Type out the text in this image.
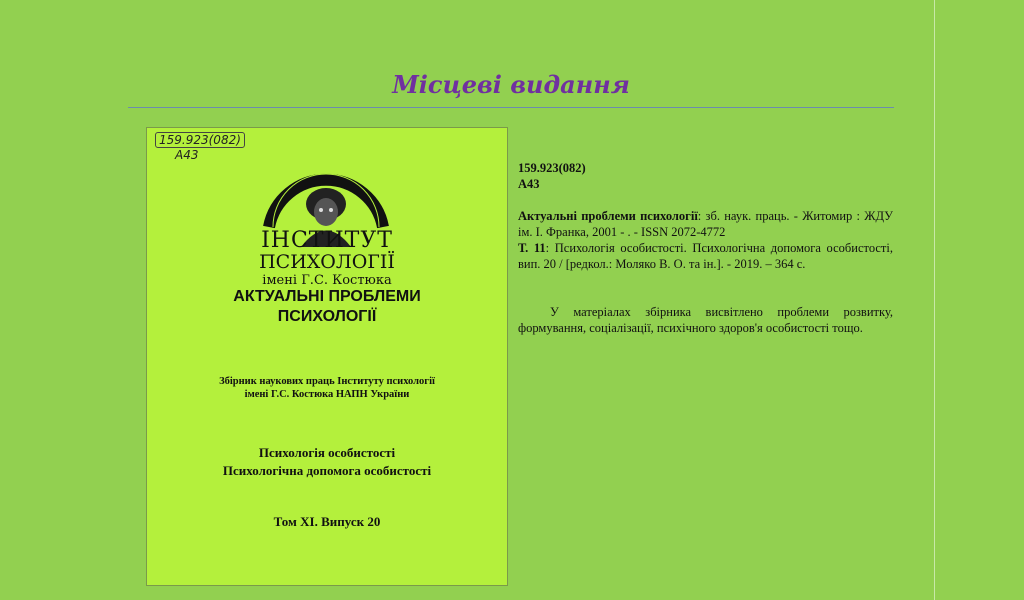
Місцеві видання
159.923(082)
А43
ІНСТИТУТ
ПСИХОЛОГІЇ
імені Г.С. Костюка
АКТУАЛЬНІ ПРОБЛЕМИ
ПСИХОЛОГІЇ
Збірник наукових праць Інституту психології
імені Г.С. Костюка НАПН України
Психологія особистості
Психологічна допомога особистості
Том ХІ. Випуск 20
159.923(082)
А43
Актуальні проблеми психології: зб. наук. праць. - Житомир : ЖДУ ім. І. Франка, 2001 - . - ISSN 2072-4772
Т. 11: Психологія особистості. Психологічна допомога особистості, вип. 20 / [редкол.: Моляко В. О. та ін.]. - 2019. – 364 с.
У матеріалах збірника висвітлено проблеми розвитку, формування, соціалізації, психічного здоров'я особистості тощо.
